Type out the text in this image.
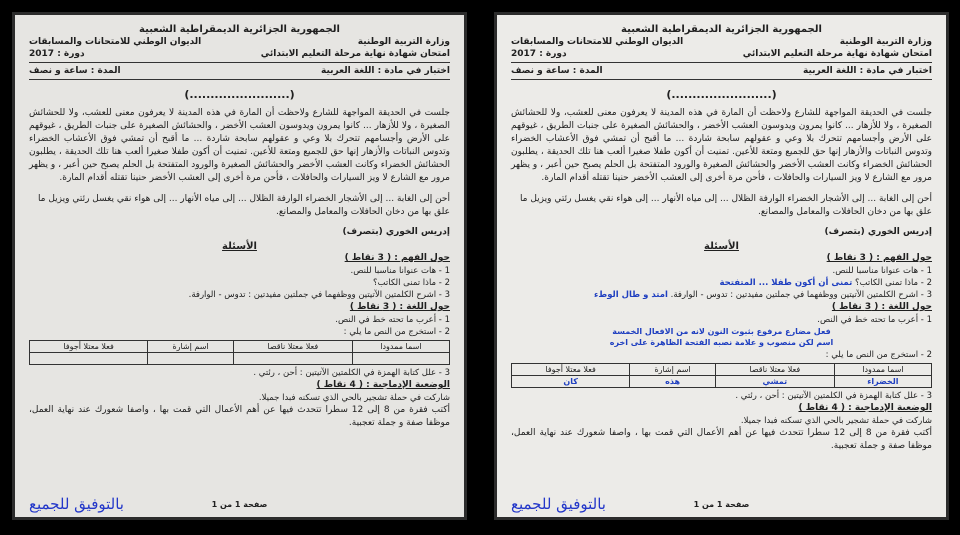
الجمهورية الجزائرية الديمقراطية الشعبية
وزارة التربية الوطنية
الديوان الوطني للامتحانات والمسابقات
امتحان شهادة نهاية مرحلة التعليم الابتدائي
دورة : 2017
اختبار في مادة : اللغة العربية
المدة : ساعة و نصف
(........................)
جلست في الحديقة المواجهة للشارع ولاحظت أن المارة في هذه المدينة لا يعرفون معنى للعشب، ولا للحشائش الصغيرة ، ولا للأزهار ... كانوا يمرون ويدوسون العشب الأخضر ، والحشائش الصغيرة على جنبات الطريق ، غيوقهم على الأرض وأجسامهم تتحرك بلا وعي و عقولهم سابحة شاردة ... ما أقبح أن تمشي فوق الأعشاب الخضراء وتدوس النباتات والأزهار إنها حق للجميع ومتعة للأعين. تمنيت أن أكون طفلا صغيرا ألعب هنا تلك الحديقة ، يطلبون الحشائش الخضراء وكانت العشب الأخضر والحشائش الصغيرة والورود المتفتحة بل الحلم يصبح حين أعبر ، و يظهر مرور مع الشارع لا ويز السيارات والحافلات ، فأحن مرة أخرى إلى العشب الأخضر حنينا تقتله أقدام المارة.
أحن إلى الغابة ... إلى الأشجار الخضراء الوارفة الظلال ... إلى مياه الأنهار ... إلى هواء نقي يغسل رئتي ويزيل ما علق بها من دخان الحافلات والمعامل والمصانع.
إدريس الخوري (بتصرف)
الأسئلة
حول الفهم : ( 3 نقاط )
1 - هات عنوانا مناسبا للنص.
2 - ماذا تمنى الكاتب؟
3 - اشرح الكلمتين الآتيتين ووظفهما في جملتين مفيدتين : تدوس - الوارفة.
حول اللغة : ( 3 نقاط )
1 - أعرب ما تحته خط في النص.
2 - استخرج من النص ما يلي :
اسما ممدودا	فعلا معتلا ناقصا	اسم إشارة	فعلا معتلا أجوفا

3 - علل كتابة الهمزة في الكلمتين الآتيتين : أحن ، رئتي .
الوضعية الإدماجية : ( 4 نقاط )
شاركت في حملة تشجير بالحي الذي تسكنه فبدا جميلا.
أكتب فقرة من 8 إلى 12 سطرا تتحدث فيها عن أهم الأعمال التي قمت بها ، واصفا شعورك عند نهاية العمل، موظفا صفة و جملة تعجبية.
صفحة 1 من 1
بالتوفيق للجميع
الجمهورية الجزائرية الديمقراطية الشعبية
وزارة التربية الوطنية
الديوان الوطني للامتحانات والمسابقات
امتحان شهادة نهاية مرحلة التعليم الابتدائي
دورة : 2017
اختبار في مادة : اللغة العربية
المدة : ساعة و نصف
(........................)
جلست في الحديقة المواجهة للشارع ولاحظت أن المارة في هذه المدينة لا يعرفون معنى للعشب، ولا للحشائش الصغيرة ، ولا للأزهار ... كانوا يمرون ويدوسون العشب الأخضر ، والحشائش الصغيرة على جنبات الطريق ، غيوقهم على الأرض وأجسامهم تتحرك بلا وعي و عقولهم سابحة شاردة ... ما أقبح أن تمشي فوق الأعشاب الخضراء وتدوس النباتات والأزهار إنها حق للجميع ومتعة للأعين. تمنيت أن أكون طفلا صغيرا ألعب هنا تلك الحديقة ، يطلبون الحشائش الخضراء وكانت العشب الأخضر والحشائش الصغيرة والورود المتفتحة بل الحلم يصبح حين أعبر ، و يظهر مرور مع الشارع لا ويز السيارات والحافلات ، فأحن مرة أخرى إلى العشب الأخضر حنينا تقتله أقدام المارة.
أحن إلى الغابة ... إلى الأشجار الخضراء الوارفة الظلال ... إلى مياه الأنهار ... إلى هواء نقي يغسل رئتي ويزيل ما علق بها من دخان الحافلات والمعامل والمصانع.
إدريس الخوري (بتصرف)
الأسئلة
حول الفهم : ( 3 نقاط )
1 - هات عنوانا مناسبا للنص.
2 - ماذا تمنى الكاتب؟ تمنى أن أكون طفلا ... المتفتحة
3 - اشرح الكلمتين الآتيتين ووظفهما في جملتين مفيدتين : تدوس - الوارفة. امتد و طال الوطء
حول اللغة : ( 3 نقاط )
1 - أعرب ما تحته خط في النص.
فعل مضارع مرفوع بثبوت النون لانه من الافعال الخمسة
اسم لكن منصوب و علامة نصبه الفتحة الظاهرة على اخره
2 - استخرج من النص ما يلي :
اسما ممدودا	فعلا معتلا ناقصا	اسم إشارة	فعلا معتلا أجوفا
الخضراء	تمشي	هذه	كان
3 - علل كتابة الهمزة في الكلمتين الآتيتين : أحن ، رئتي .
الوضعية الإدماجية : ( 4 نقاط )
شاركت في حملة تشجير بالحي الذي تسكنه فبدا جميلا.
أكتب فقرة من 8 إلى 12 سطرا تتحدث فيها عن أهم الأعمال التي قمت بها ، واصفا شعورك عند نهاية العمل، موظفا صفة و جملة تعجبية.
صفحة 1 من 1
بالتوفيق للجميع
